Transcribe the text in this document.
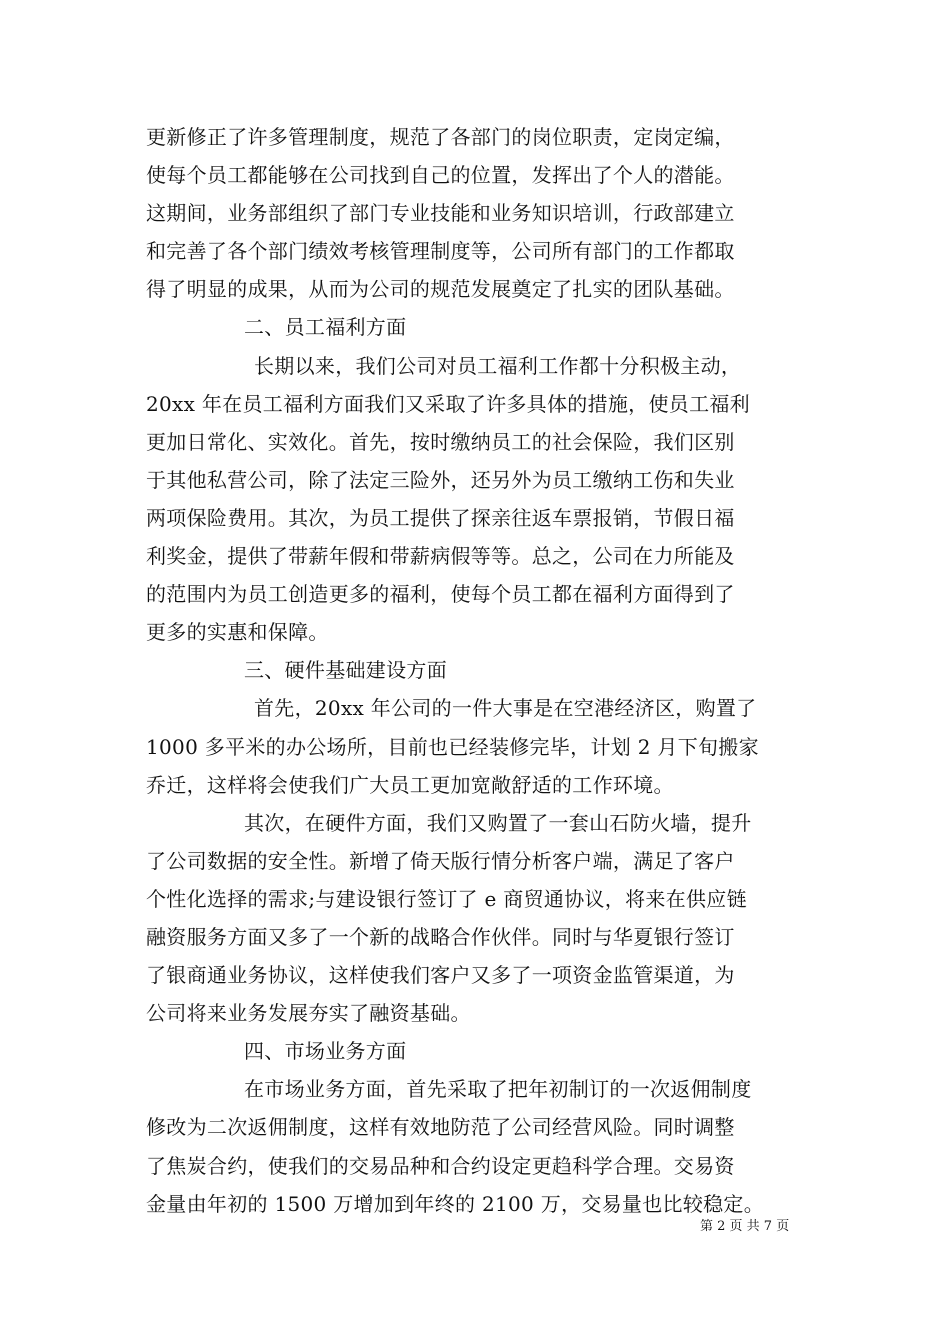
更新修正了许多管理制度，规范了各部门的岗位职责，定岗定编，
使每个员工都能够在公司找到自己的位置，发挥出了个人的潜能。
这期间，业务部组织了部门专业技能和业务知识培训，行政部建立
和完善了各个部门绩效考核管理制度等，公司所有部门的工作都取
得了明显的成果，从而为公司的规范发展奠定了扎实的团队基础。
二、员工福利方面
长期以来，我们公司对员工福利工作都十分积极主动，
20xx 年在员工福利方面我们又采取了许多具体的措施，使员工福利
更加日常化、实效化。首先，按时缴纳员工的社会保险，我们区别
于其他私营公司，除了法定三险外，还另外为员工缴纳工伤和失业
两项保险费用。其次，为员工提供了探亲往返车票报销，节假日福
利奖金，提供了带薪年假和带薪病假等等。总之，公司在力所能及
的范围内为员工创造更多的福利，使每个员工都在福利方面得到了
更多的实惠和保障。
三、硬件基础建设方面
首先，20xx 年公司的一件大事是在空港经济区，购置了
1000 多平米的办公场所，目前也已经装修完毕，计划 2 月下旬搬家
乔迁，这样将会使我们广大员工更加宽敞舒适的工作环境。
其次，在硬件方面，我们又购置了一套山石防火墙，提升
了公司数据的安全性。新增了倚天版行情分析客户端，满足了客户
个性化选择的需求;与建设银行签订了 e 商贸通协议，将来在供应链
融资服务方面又多了一个新的战略合作伙伴。同时与华夏银行签订
了银商通业务协议，这样使我们客户又多了一项资金监管渠道，为
公司将来业务发展夯实了融资基础。
四、市场业务方面
在市场业务方面，首先采取了把年初制订的一次返佣制度
修改为二次返佣制度，这样有效地防范了公司经营风险。同时调整
了焦炭合约，使我们的交易品种和合约设定更趋科学合理。交易资
金量由年初的 1500 万增加到年终的 2100 万，交易量也比较稳定。
第 2 页 共 7 页
